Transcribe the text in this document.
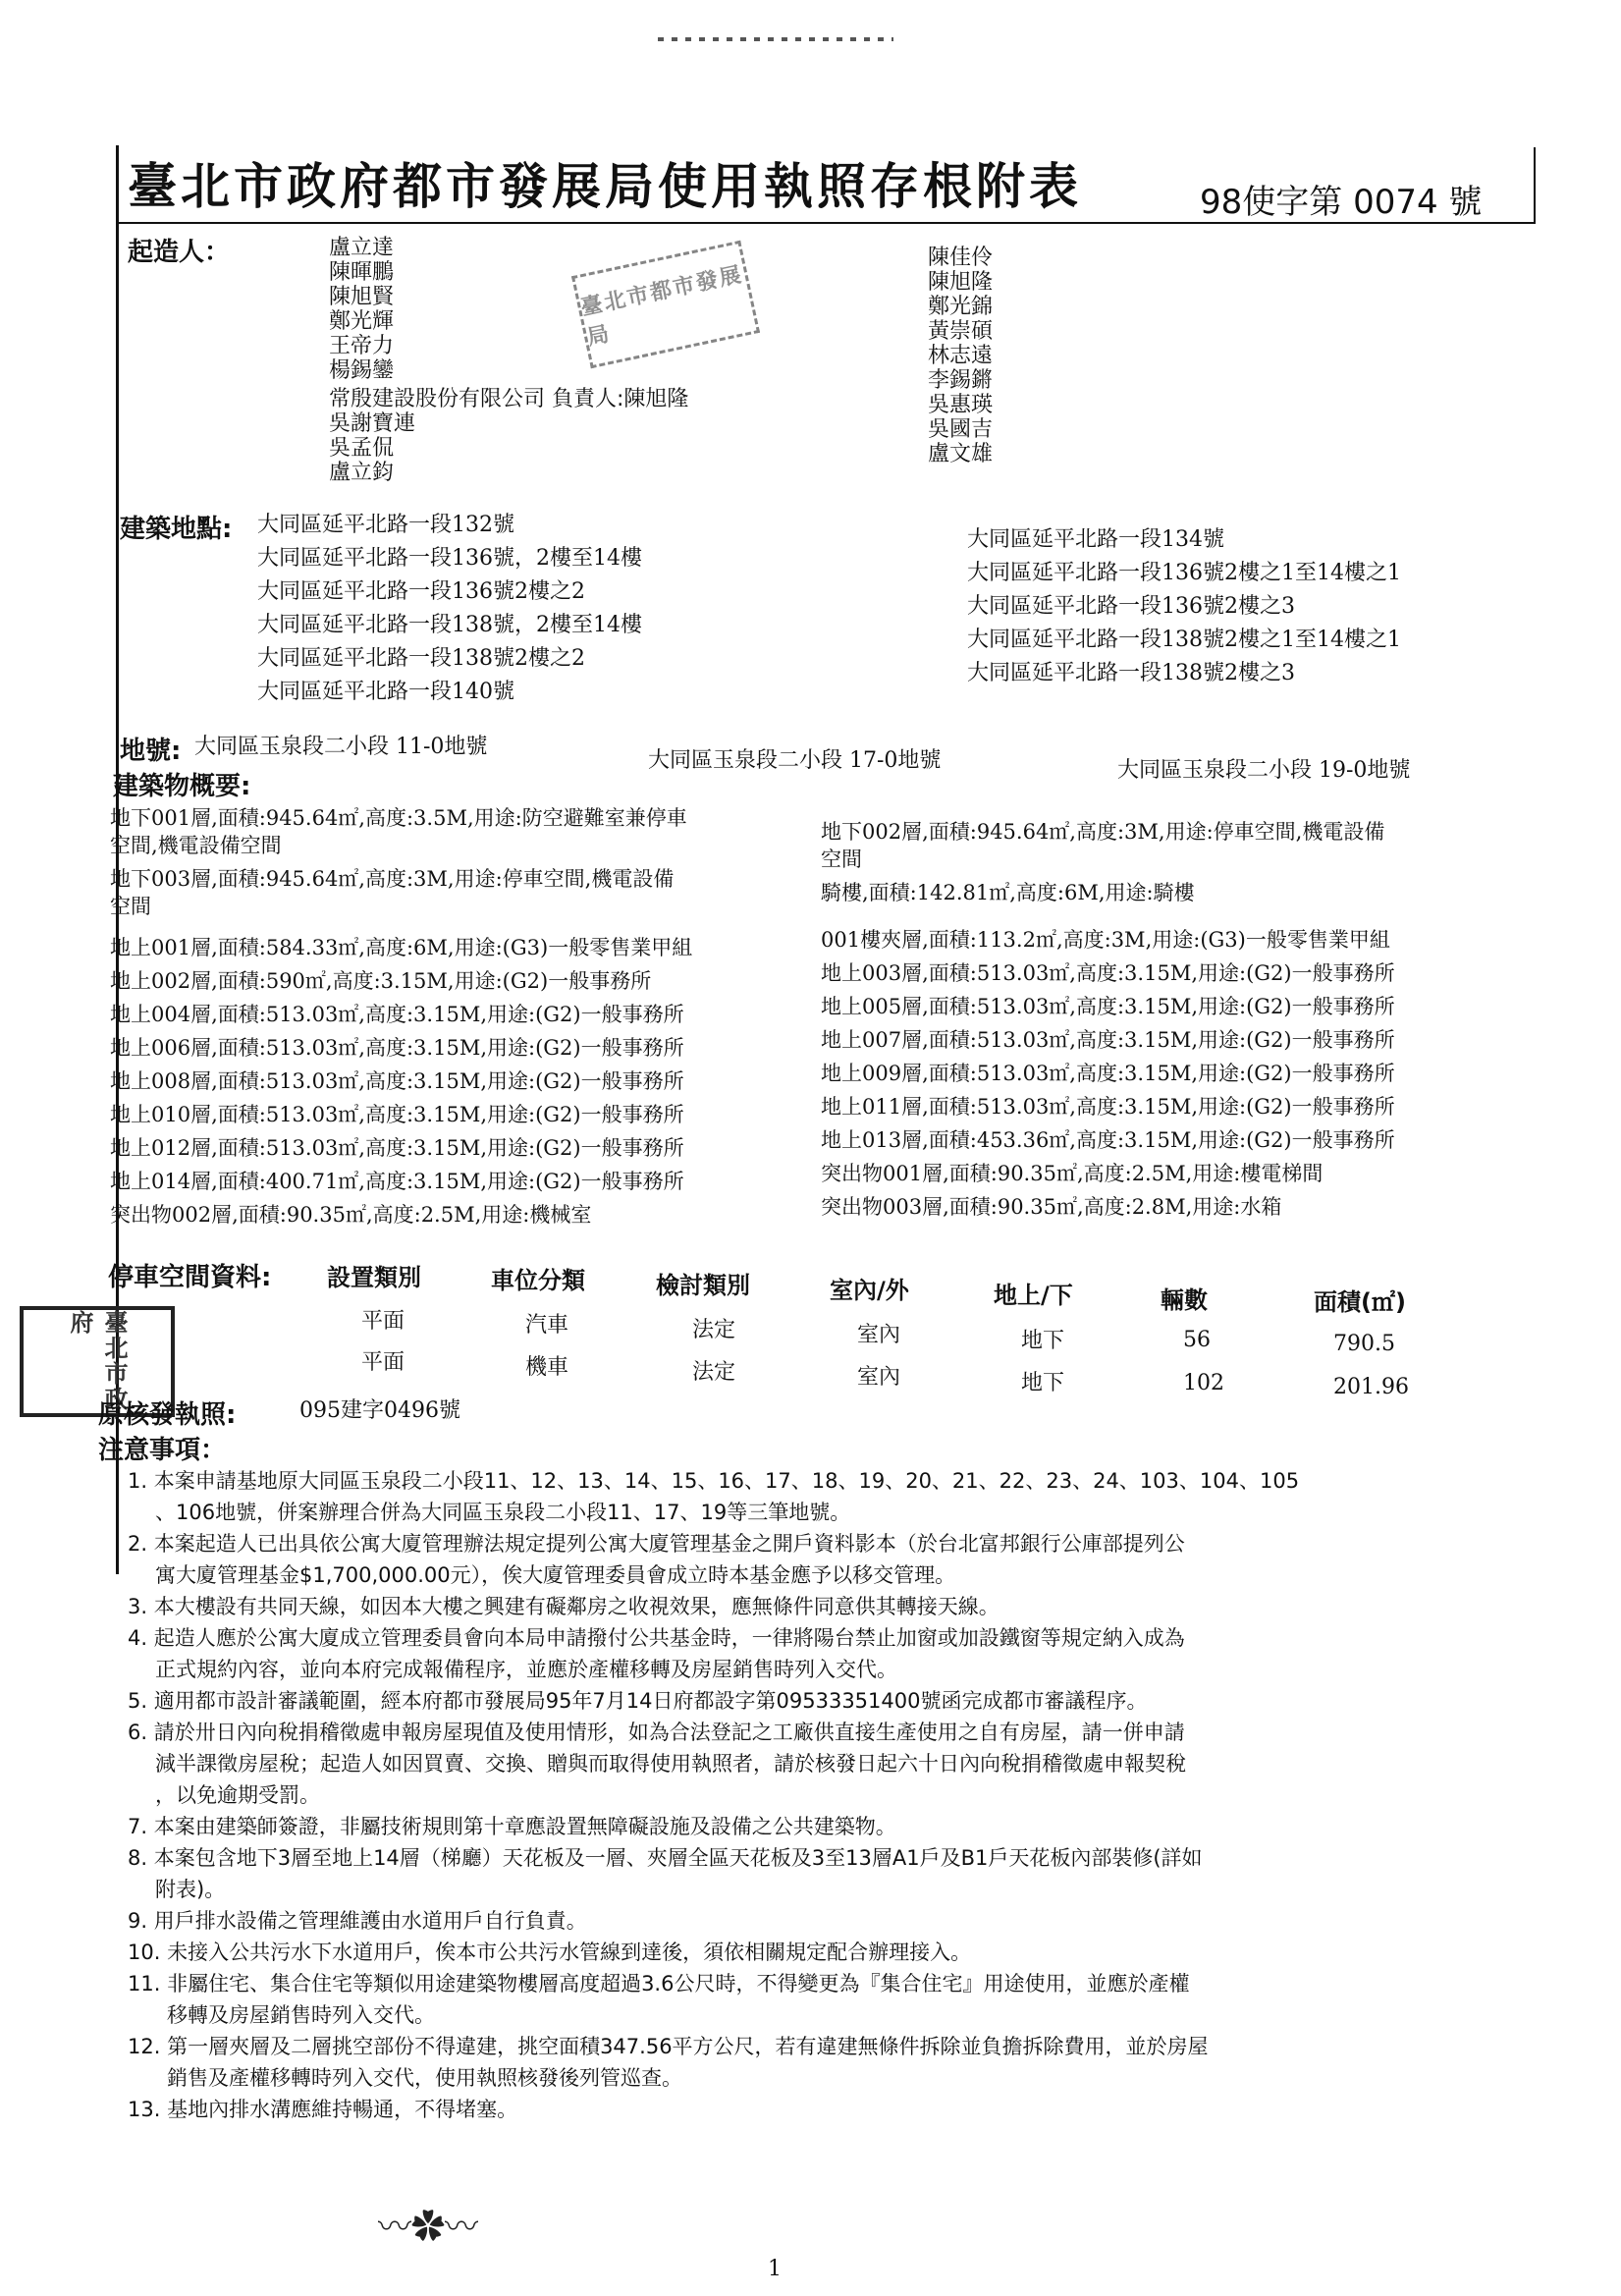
臺北市政府都市發展局使用執照存根附表	98使字第 0074 號
臺北市都市發展局
起造人：	盧立達
陳暉鵬
陳旭賢
鄭光輝
王帝力
楊錫鑾
常殷建設股份有限公司 負責人:陳旭隆
吳謝寶連
吳孟侃
盧立鈞
陳佳伶
陳旭隆
鄭光錦
黃崇碩
林志遠
李錫鏘
吳惠瑛
吳國吉
盧文雄
建築地點: 大同區延平北路一段132號
大同區延平北路一段136號，2樓至14樓
大同區延平北路一段136號2樓之2
大同區延平北路一段138號，2樓至14樓
大同區延平北路一段138號2樓之2
大同區延平北路一段140號
大同區延平北路一段134號
大同區延平北路一段136號2樓之1至14樓之1
大同區延平北路一段136號2樓之3
大同區延平北路一段138號2樓之1至14樓之1
大同區延平北路一段138號2樓之3
地號: 大同區玉泉段二小段 11-0地號
大同區玉泉段二小段 17-0地號	大同區玉泉段二小段 19-0地號
建築物概要:
地下001層,面積:945.64㎡,高度:3.5M,用途:防空避難室兼停車
空間,機電設備空間
地下003層,面積:945.64㎡,高度:3M,用途:停車空間,機電設備
空間
地上001層,面積:584.33㎡,高度:6M,用途:(G3)一般零售業甲組
地上002層,面積:590㎡,高度:3.15M,用途:(G2)一般事務所
地上004層,面積:513.03㎡,高度:3.15M,用途:(G2)一般事務所
地上006層,面積:513.03㎡,高度:3.15M,用途:(G2)一般事務所
地上008層,面積:513.03㎡,高度:3.15M,用途:(G2)一般事務所
地上010層,面積:513.03㎡,高度:3.15M,用途:(G2)一般事務所
地上012層,面積:513.03㎡,高度:3.15M,用途:(G2)一般事務所
地上014層,面積:400.71㎡,高度:3.15M,用途:(G2)一般事務所
突出物002層,面積:90.35㎡,高度:2.5M,用途:機械室
地下002層,面積:945.64㎡,高度:3M,用途:停車空間,機電設備
空間
騎樓,面積:142.81㎡,高度:6M,用途:騎樓
001樓夾層,面積:113.2㎡,高度:3M,用途:(G3)一般零售業甲組
地上003層,面積:513.03㎡,高度:3.15M,用途:(G2)一般事務所
地上005層,面積:513.03㎡,高度:3.15M,用途:(G2)一般事務所
地上007層,面積:513.03㎡,高度:3.15M,用途:(G2)一般事務所
地上009層,面積:513.03㎡,高度:3.15M,用途:(G2)一般事務所
地上011層,面積:513.03㎡,高度:3.15M,用途:(G2)一般事務所
地上013層,面積:453.36㎡,高度:3.15M,用途:(G2)一般事務所
突出物001層,面積:90.35㎡,高度:2.5M,用途:樓電梯間
突出物003層,面積:90.35㎡,高度:2.8M,用途:水箱
停車空間資料: 設置類別	車位分類	檢討類別	室內/外	地上/下	輛數	面積(㎡)
平面	汽車	法定	室內	地下	56	790.5
平面	機車	法定	室內	地下	102	201.96
臺北市政府
原核發執照:	095建字0496號
注意事項：
1. 本案申請基地原大同區玉泉段二小段11、12、13、14、15、16、17、18、19、20、21、22、23、24、103、104、105
、106地號，併案辦理合併為大同區玉泉段二小段11、17、19等三筆地號。
2. 本案起造人已出具依公寓大廈管理辦法規定提列公寓大廈管理基金之開戶資料影本（於台北富邦銀行公庫部提列公
寓大廈管理基金$1,700,000.00元），俟大廈管理委員會成立時本基金應予以移交管理。
3. 本大樓設有共同天線，如因本大樓之興建有礙鄰房之收視效果，應無條件同意供其轉接天線。
4. 起造人應於公寓大廈成立管理委員會向本局申請撥付公共基金時，一律將陽台禁止加窗或加設鐵窗等規定納入成為
正式規約內容，並向本府完成報備程序，並應於產權移轉及房屋銷售時列入交代。
5. 適用都市設計審議範圍，經本府都市發展局95年7月14日府都設字第09533351400號函完成都市審議程序。
6. 請於卅日內向稅捐稽徵處申報房屋現值及使用情形，如為合法登記之工廠供直接生產使用之自有房屋，請一併申請
減半課徵房屋稅；起造人如因買賣、交換、贈與而取得使用執照者，請於核發日起六十日內向稅捐稽徵處申報契稅
，以免逾期受罰。
7. 本案由建築師簽證，非屬技術規則第十章應設置無障礙設施及設備之公共建築物。
8. 本案包含地下3層至地上14層（梯廳）天花板及一層、夾層全區天花板及3至13層A1戶及B1戶天花板內部裝修(詳如
附表)。
9. 用戶排水設備之管理維護由水道用戶自行負責。
10. 未接入公共污水下水道用戶，俟本市公共污水管線到達後，須依相關規定配合辦理接入。
11. 非屬住宅、集合住宅等類似用途建築物樓層高度超過3.6公尺時，不得變更為『集合住宅』用途使用，並應於產權
移轉及房屋銷售時列入交代。
12. 第一層夾層及二層挑空部份不得違建，挑空面積347.56平方公尺，若有違建無條件拆除並負擔拆除費用，並於房屋
銷售及產權移轉時列入交代，使用執照核發後列管巡查。
13. 基地內排水溝應維持暢通，不得堵塞。
〰✿〰
1
